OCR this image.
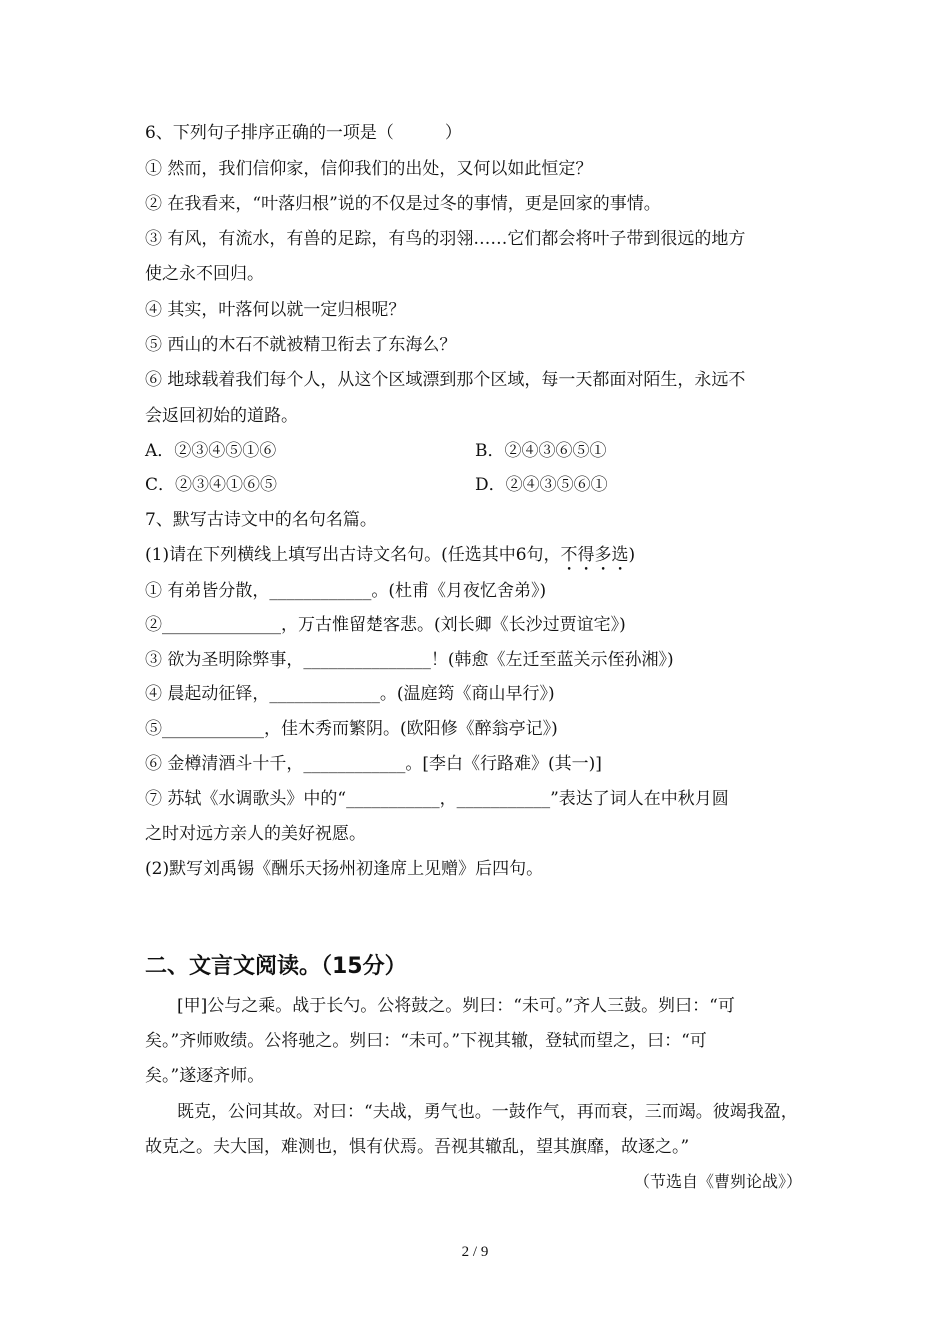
6、下列句子排序正确的一项是（　　　）
① 然而，我们信仰家，信仰我们的出处，又何以如此恒定？
② 在我看来，“叶落归根”说的不仅是过冬的事情，更是回家的事情。
③ 有风，有流水，有兽的足踪，有鸟的羽翎……它们都会将叶子带到很远的地方
使之永不回归。
④ 其实，叶落何以就一定归根呢？
⑤ 西山的木石不就被精卫衔去了东海么？
⑥ 地球载着我们每个人，从这个区域漂到那个区域，每一天都面对陌生，永远不
会返回初始的道路。
A．②③④⑤①⑥	B．②④③⑥⑤①
C．②③④①⑥⑤	D．②④③⑤⑥①
7、默写古诗文中的名句名篇。
(1)请在下列横线上填写出古诗文名句。(任选其中6句，不得多选)
① 有弟皆分散，____________。(杜甫《月夜忆舍弟》)
②______________，万古惟留楚客悲。(刘长卿《长沙过贾谊宅》)
③ 欲为圣明除弊事，_______________！(韩愈《左迁至蓝关示侄孙湘》)
④ 晨起动征铎，_____________。(温庭筠《商山早行》)
⑤____________，佳木秀而繁阴。(欧阳修《醉翁亭记》)
⑥ 金樽清酒斗十千，____________。[李白《行路难》(其一)]
⑦ 苏轼《水调歌头》中的“___________，___________”表达了词人在中秋月圆
之时对远方亲人的美好祝愿。
(2)默写刘禹锡《酬乐天扬州初逢席上见赠》后四句。
二、文言文阅读。（15分）
[甲]公与之乘。战于长勺。公将鼓之。刿曰：“未可。”齐人三鼓。刿曰：“可
矣。”齐师败绩。公将驰之。刿曰：“未可。”下视其辙，登轼而望之，曰：“可
矣。”遂逐齐师。
既克，公问其故。对曰：“夫战，勇气也。一鼓作气，再而衰，三而竭。彼竭我盈，
故克之。夫大国，难测也，惧有伏焉。吾视其辙乱，望其旗靡，故逐之。”
（节选自《曹刿论战》）
2 / 9
